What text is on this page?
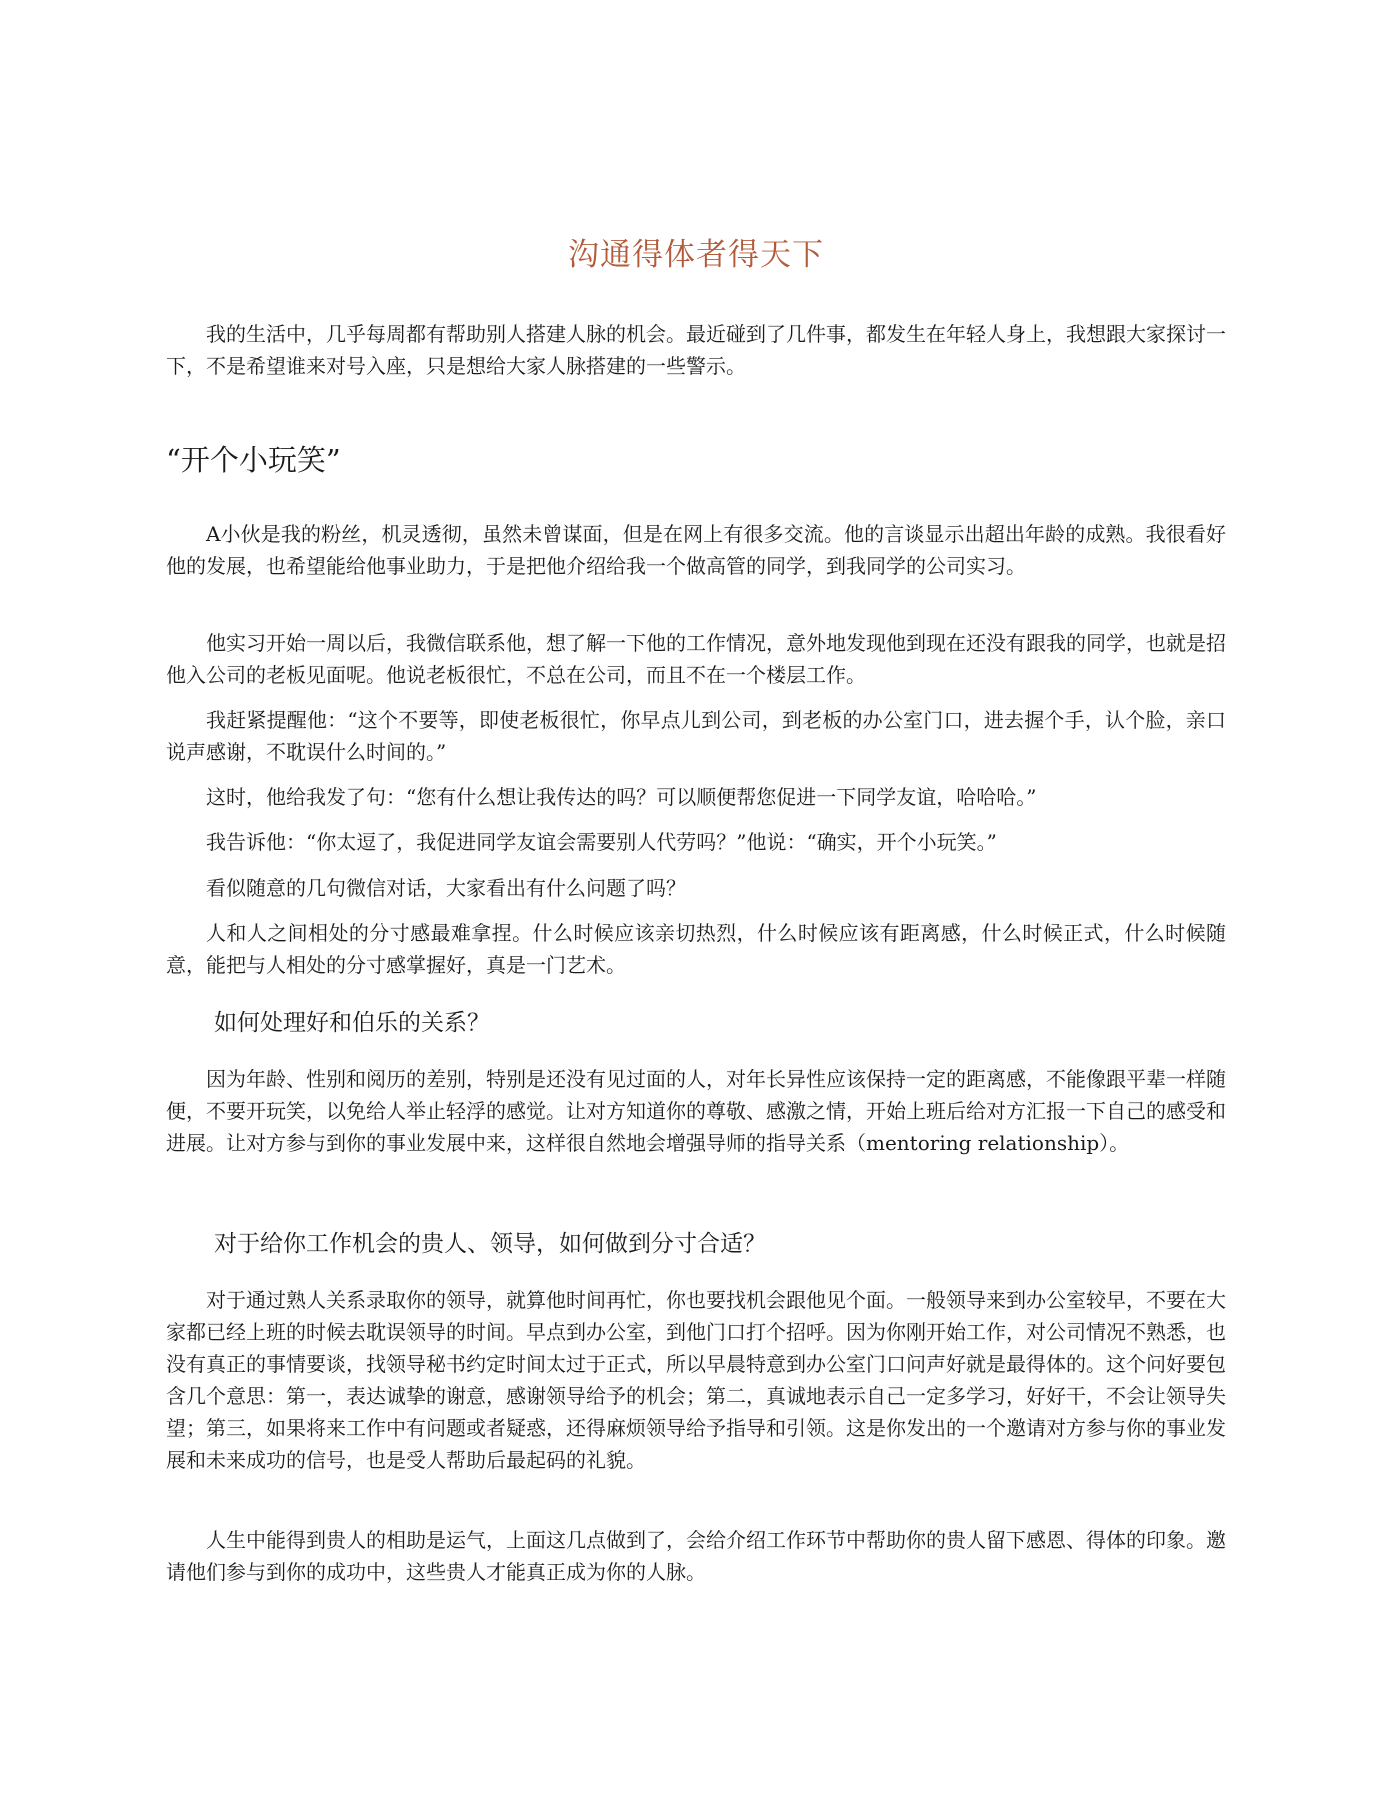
沟通得体者得天下

我的生活中，几乎每周都有帮助别人搭建人脉的机会。最近碰到了几件事，都发生在年轻人身上，我想跟大家探讨一下，不是希望谁来对号入座，只是想给大家人脉搭建的一些警示。

“开个小玩笑”

A小伙是我的粉丝，机灵透彻，虽然未曾谋面，但是在网上有很多交流。他的言谈显示出超出年龄的成熟。我很看好他的发展，也希望能给他事业助力，于是把他介绍给我一个做高管的同学，到我同学的公司实习。

他实习开始一周以后，我微信联系他，想了解一下他的工作情况，意外地发现他到现在还没有跟我的同学，也就是招他入公司的老板见面呢。他说老板很忙，不总在公司，而且不在一个楼层工作。

我赶紧提醒他：“这个不要等，即使老板很忙，你早点儿到公司，到老板的办公室门口，进去握个手，认个脸，亲口说声感谢，不耽误什么时间的。”

这时，他给我发了句：“您有什么想让我传达的吗？可以顺便帮您促进一下同学友谊，哈哈哈。”

我告诉他：“你太逗了，我促进同学友谊会需要别人代劳吗？”他说：“确实，开个小玩笑。”

看似随意的几句微信对话，大家看出有什么问题了吗？

人和人之间相处的分寸感最难拿捏。什么时候应该亲切热烈，什么时候应该有距离感，什么时候正式，什么时候随意，能把与人相处的分寸感掌握好，真是一门艺术。

如何处理好和伯乐的关系？

因为年龄、性别和阅历的差别，特别是还没有见过面的人，对年长异性应该保持一定的距离感，不能像跟平辈一样随便，不要开玩笑，以免给人举止轻浮的感觉。让对方知道你的尊敬、感激之情，开始上班后给对方汇报一下自己的感受和进展。让对方参与到你的事业发展中来，这样很自然地会增强导师的指导关系（mentoring relationship）。

对于给你工作机会的贵人、领导，如何做到分寸合适？

对于通过熟人关系录取你的领导，就算他时间再忙，你也要找机会跟他见个面。一般领导来到办公室较早，不要在大家都已经上班的时候去耽误领导的时间。早点到办公室，到他门口打个招呼。因为你刚开始工作，对公司情况不熟悉，也没有真正的事情要谈，找领导秘书约定时间太过于正式，所以早晨特意到办公室门口问声好就是最得体的。这个问好要包含几个意思：第一，表达诚挚的谢意，感谢领导给予的机会；第二，真诚地表示自己一定多学习，好好干，不会让领导失望；第三，如果将来工作中有问题或者疑惑，还得麻烦领导给予指导和引领。这是你发出的一个邀请对方参与你的事业发展和未来成功的信号，也是受人帮助后最起码的礼貌。

人生中能得到贵人的相助是运气，上面这几点做到了，会给介绍工作环节中帮助你的贵人留下感恩、得体的印象。邀请他们参与到你的成功中，这些贵人才能真正成为你的人脉。
